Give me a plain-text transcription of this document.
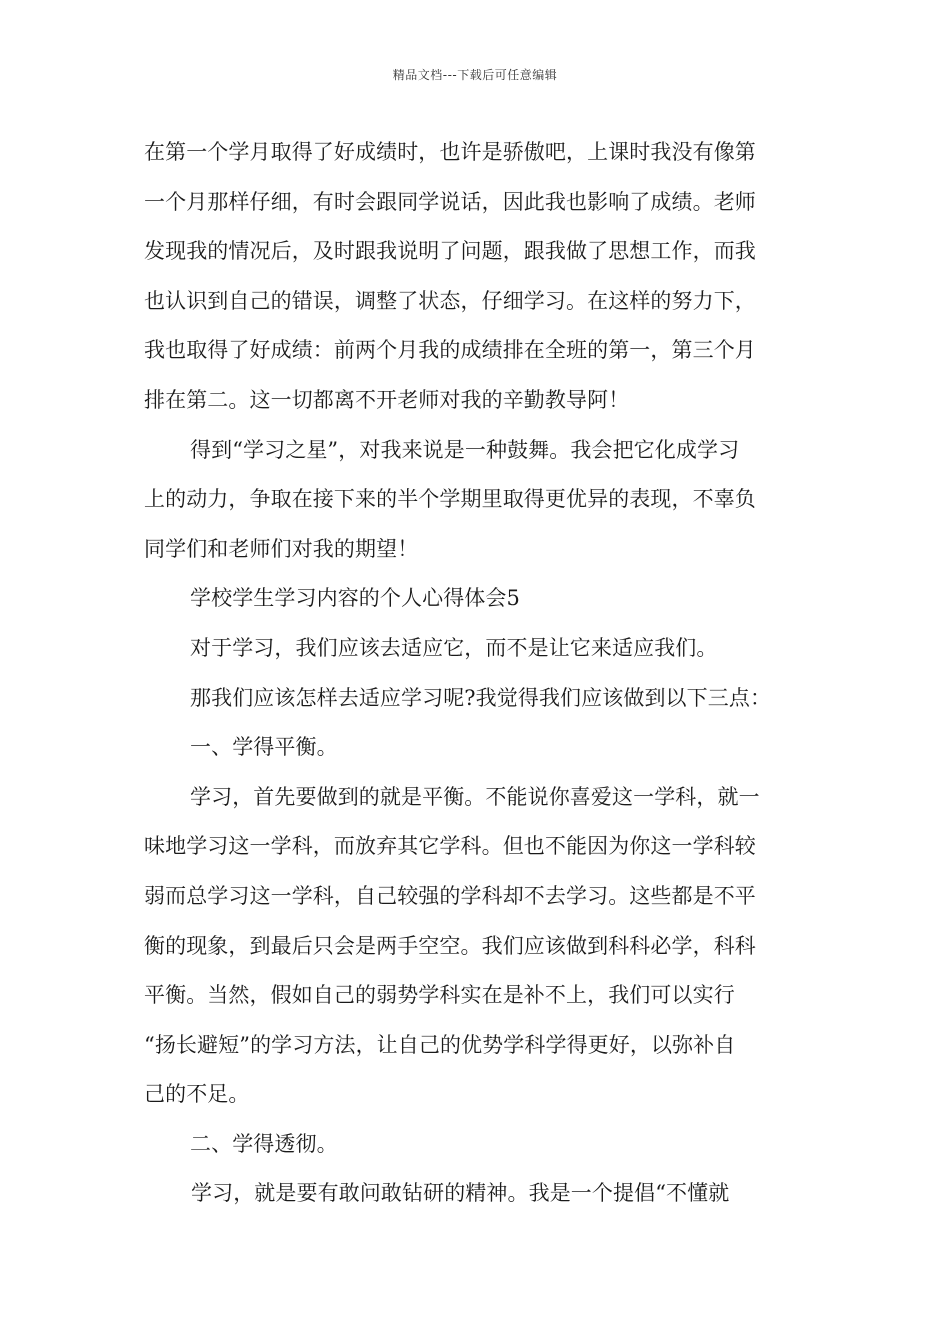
精品文档---下载后可任意编辑
在第一个学月取得了好成绩时，也许是骄傲吧，上课时我没有像第
一个月那样仔细，有时会跟同学说话，因此我也影响了成绩。老师
发现我的情况后，及时跟我说明了问题，跟我做了思想工作，而我
也认识到自己的错误，调整了状态，仔细学习。在这样的努力下，
我也取得了好成绩：前两个月我的成绩排在全班的第一，第三个月
排在第二。这一切都离不开老师对我的辛勤教导阿！
得到“学习之星”，对我来说是一种鼓舞。我会把它化成学习
上的动力，争取在接下来的半个学期里取得更优异的表现，不辜负
同学们和老师们对我的期望！
学校学生学习内容的个人心得体会5
对于学习，我们应该去适应它，而不是让它来适应我们。
那我们应该怎样去适应学习呢?我觉得我们应该做到以下三点：
一、学得平衡。
学习，首先要做到的就是平衡。不能说你喜爱这一学科，就一
味地学习这一学科，而放弃其它学科。但也不能因为你这一学科较
弱而总学习这一学科，自己较强的学科却不去学习。这些都是不平
衡的现象，到最后只会是两手空空。我们应该做到科科必学，科科
平衡。当然，假如自己的弱势学科实在是补不上，我们可以实行
“扬长避短”的学习方法，让自己的优势学科学得更好，以弥补自
己的不足。
二、学得透彻。
学习，就是要有敢问敢钻研的精神。我是一个提倡“不懂就
